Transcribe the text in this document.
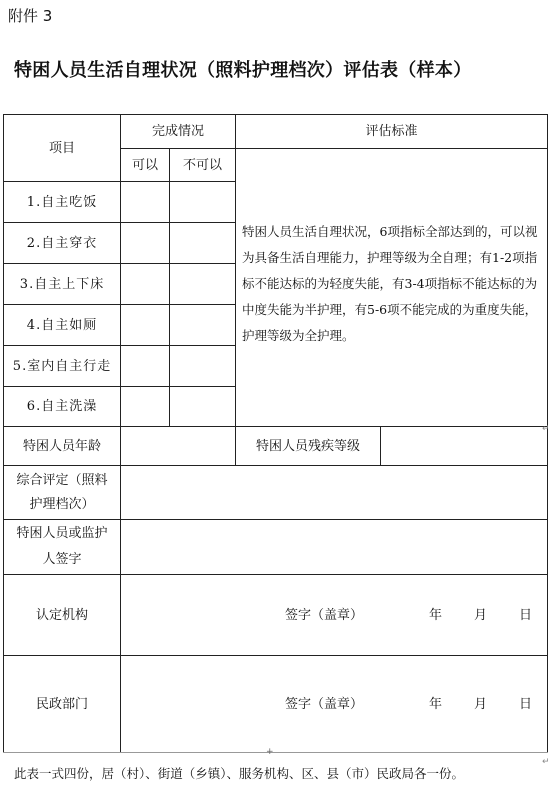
附件 3
特困人员生活自理状况（照料护理档次）评估表（样本）
项目
完成情况
可以	不可以
评估标准
特困人员生活自理状况，6项指标全部达到的，可以视为具备生活自理能力，护理等级为全自理；有1-2项指标不能达标的为轻度失能，有3-4项指标不能达标的为中度失能为半护理，有5-6项不能完成的为重度失能，护理等级为全护理。
1.自主吃饭
2.自主穿衣
3.自主上下床
4.自主如厕
5.室内自主行走
6.自主洗澡
特困人员年龄	特困人员残疾等级
综合评定（照料护理档次）
特困人员或监护人签字
认定机构	签字（盖章）	年 月 日
民政部门	签字（盖章）	年 月 日
+
↵
↵
此表一式四份，居（村）、街道（乡镇）、服务机构、区、县（市）民政局各一份。
